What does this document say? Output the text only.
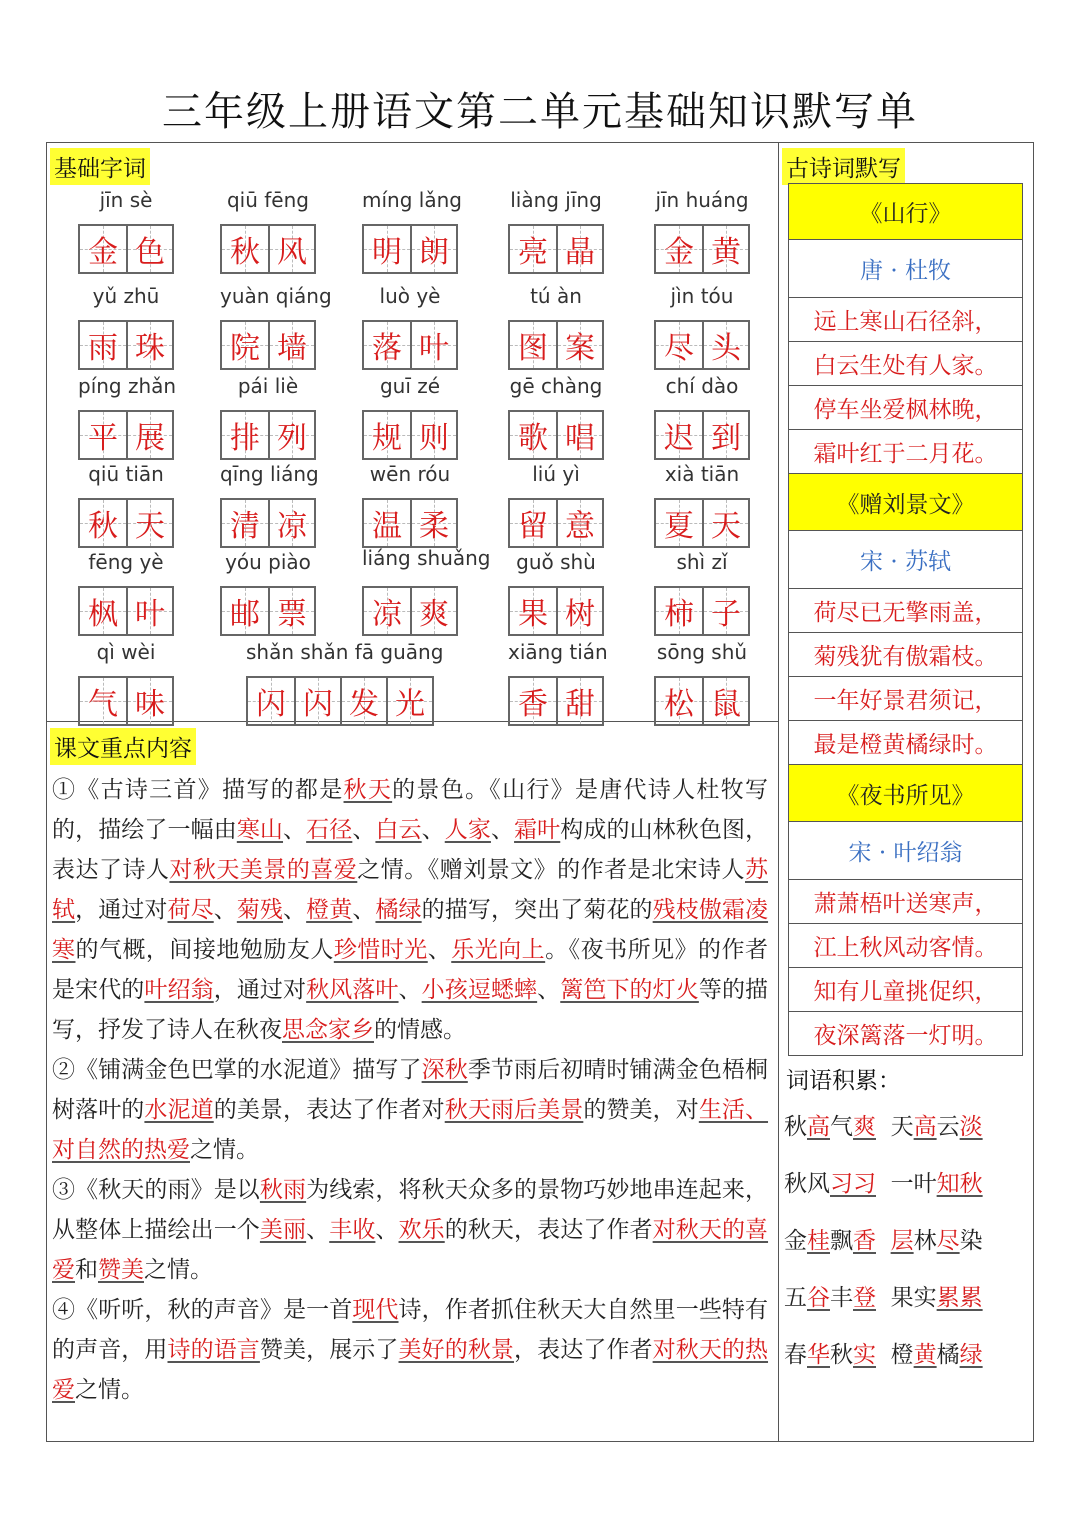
三年级上册语文第二单元基础知识默写单
基础字词
课文重点内容
古诗词默写
词语积累：
jīn sè
金 色
qiū fēng
秋 风
míng lǎng
明 朗
liàng jīng
亮 晶
jīn huáng
金 黄
yǔ zhū
雨 珠
yuàn qiáng
院 墙
luò yè
落 叶
tú àn
图 案
jìn tóu
尽 头
píng zhǎn
平 展
pái liè
排 列
guī zé
规 则
gē chàng
歌 唱
chí dào
迟 到
qiū tiān
秋 天
qīng liáng
清 凉
wēn róu
温 柔
liú yì
留 意
xià tiān
夏 天
fēng yè
枫 叶
yóu piào
邮 票
liáng shuǎng
凉 爽
guǒ shù
果 树
shì zǐ
柿 子
qì wèi
气 味
shǎn shǎn fā guāng
闪 闪 发 光
xiāng tián
香 甜
sōng shǔ
松 鼠

①《古诗三首》描写的都是秋天的景色。《山行》是唐代诗人杜牧写的，描绘了一幅由寒山、石径、白云、人家、霜叶构成的山林秋色图，表达了诗人对秋天美景的喜爱之情。《赠刘景文》的作者是北宋诗人苏轼，通过对荷尽、菊残、橙黄、橘绿的描写，突出了菊花的残枝傲霜凌寒的气概，间接地勉励友人珍惜时光、乐光向上。《夜书所见》的作者是宋代的叶绍翁，通过对秋风落叶、小孩逗蟋蟀、篱笆下的灯火等的描写，抒发了诗人在秋夜思念家乡的情感。

②《铺满金色巴掌的水泥道》描写了深秋季节雨后初晴时铺满金色梧桐树落叶的水泥道的美景，表达了作者对秋天雨后美景的赞美，对生活、对自然的热爱之情。

③《秋天的雨》是以秋雨为线索，将秋天众多的景物巧妙地串连起来，从整体上描绘出一个美丽、丰收、欢乐的秋天，表达了作者对秋天的喜爱和赞美之情。

④《听听，秋的声音》是一首现代诗，作者抓住秋天大自然里一些特有的声音，用诗的语言赞美，展示了美好的秋景，表达了作者对秋天的热爱之情。

《山行》
唐 · 杜牧
远上寒山石径斜，
白云生处有人家。
停车坐爱枫林晚，
霜叶红于二月花。
《赠刘景文》
宋 · 苏轼
荷尽已无擎雨盖，
菊残犹有傲霜枝。
一年好景君须记，
最是橙黄橘绿时。
《夜书所见》
宋 · 叶绍翁
萧萧梧叶送寒声，
江上秋风动客情。
知有儿童挑促织，
夜深篱落一灯明。
秋高气爽  天高云淡
秋风习习  一叶知秋
金桂飘香 层林尽染
五谷丰登  果实累累
春华秋实  橙黄橘绿
